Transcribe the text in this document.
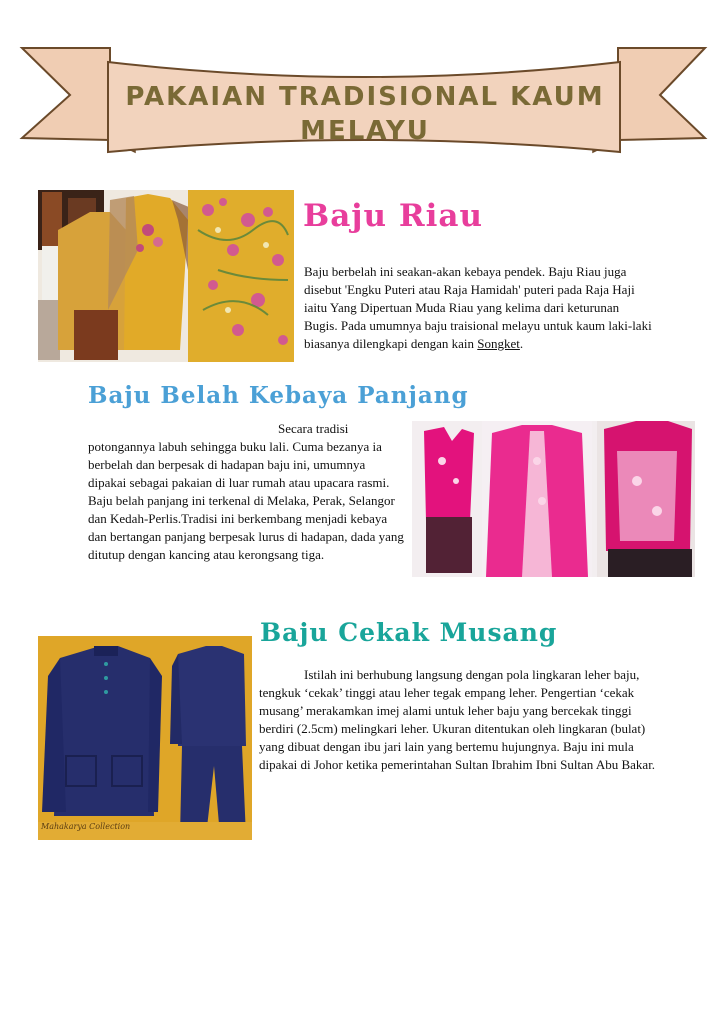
PAKAIAN TRADISIONAL KAUM
MELAYU
Baju Riau
Baju berbelah ini seakan-akan kebaya pendek. Baju Riau juga disebut 'Engku Puteri atau Raja Hamidah' puteri pada Raja Haji iaitu Yang Dipertuan Muda Riau yang kelima dari keturunan Bugis. Pada umumnya baju traisional melayu untuk kaum laki-laki biasanya dilengkapi dengan kain Songket.
Baju Belah Kebaya Panjang
Secara tradisi
potongannya labuh sehingga buku lali. Cuma bezanya ia berbelah dan berpesak di hadapan baju ini, umumnya dipakai sebagai pakaian di luar rumah atau upacara rasmi. Baju belah panjang ini terkenal di Melaka, Perak, Selangor dan Kedah-Perlis.Tradisi ini berkembang menjadi kebaya dan bertangan panjang berpesak lurus di hadapan, dada yang ditutup dengan kancing atau kerongsang tiga.
Mahakarya Collection
Baju Cekak Musang
Istilah ini berhubung langsung dengan pola lingkaran leher baju, tengkuk ‘cekak’ tinggi atau leher tegak empang leher. Pengertian ‘cekak musang’ merakamkan imej alami untuk leher baju yang bercekak tinggi berdiri (2.5cm) melingkari leher. Ukuran ditentukan oleh lingkaran (bulat) yang dibuat dengan ibu jari lain yang bertemu hujungnya. Baju ini mula dipakai di Johor ketika pemerintahan Sultan Ibrahim Ibni Sultan Abu Bakar.
